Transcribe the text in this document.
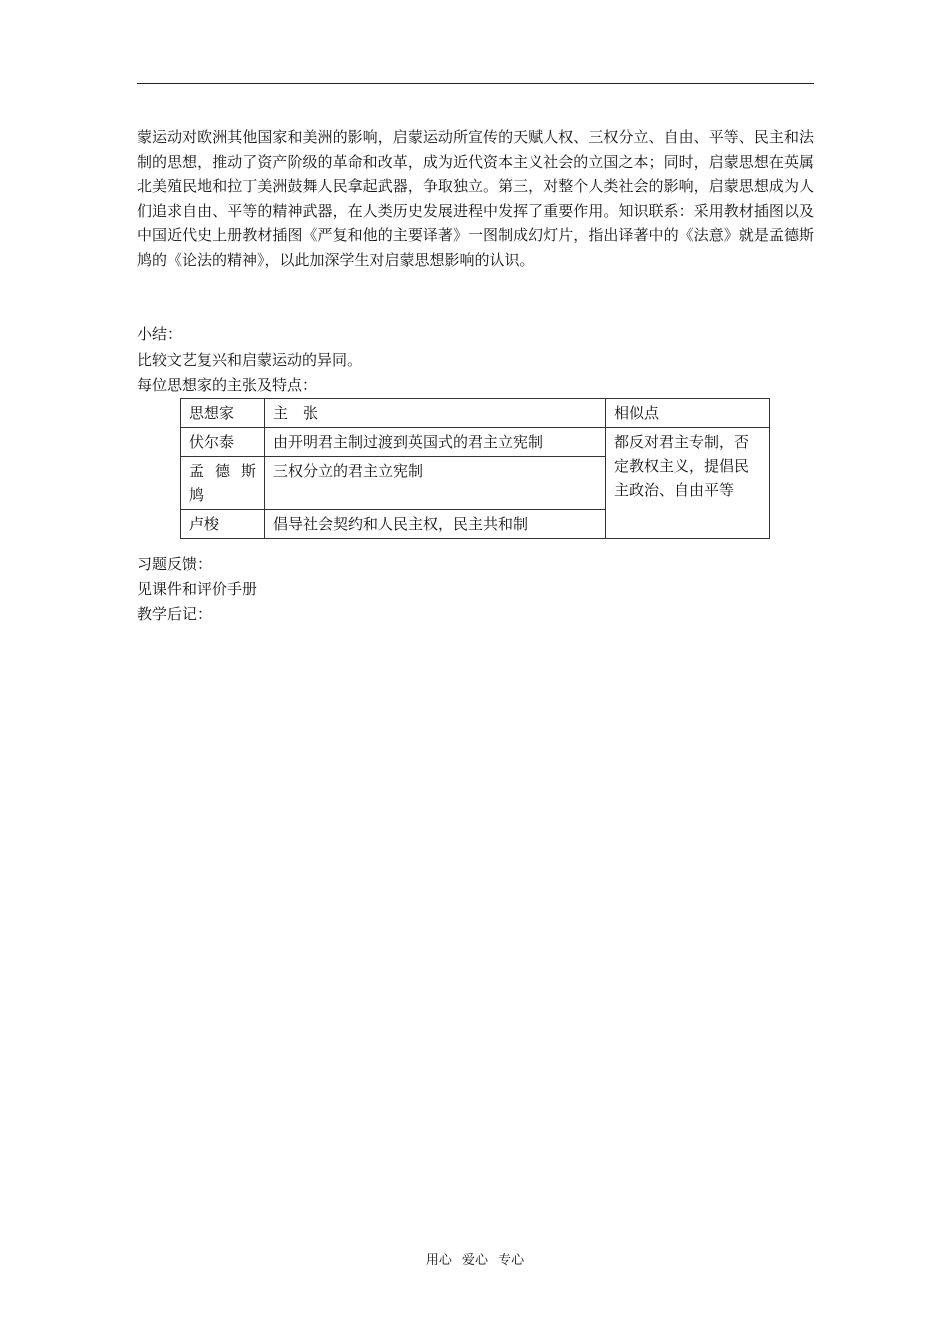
蒙运动对欧洲其他国家和美洲的影响，启蒙运动所宣传的天赋人权、三权分立、自由、平等、民主和法制的思想，推动了资产阶级的革命和改革，成为近代资本主义社会的立国之本；同时，启蒙思想在英属北美殖民地和拉丁美洲鼓舞人民拿起武器，争取独立。第三，对整个人类社会的影响，启蒙思想成为人们追求自由、平等的精神武器，在人类历史发展进程中发挥了重要作用。知识联系：采用教材插图以及中国近代史上册教材插图《严复和他的主要译著》一图制成幻灯片，指出译著中的《法意》就是孟德斯鸠的《论法的精神》，以此加深学生对启蒙思想影响的认识。

小结：
比较文艺复兴和启蒙运动的异同。
每位思想家的主张及特点：
思想家	主　张	相似点
伏尔泰	由开明君主制过渡到英国式的君主立宪制	都反对君主专制，否定教权主义，提倡民主政治、自由平等
孟 德 斯 鸠	三权分立的君主立宪制	
卢梭	倡导社会契约和人民主权，民主共和制	
习题反馈：
见课件和评价手册
教学后记：
用心 爱心 专心
